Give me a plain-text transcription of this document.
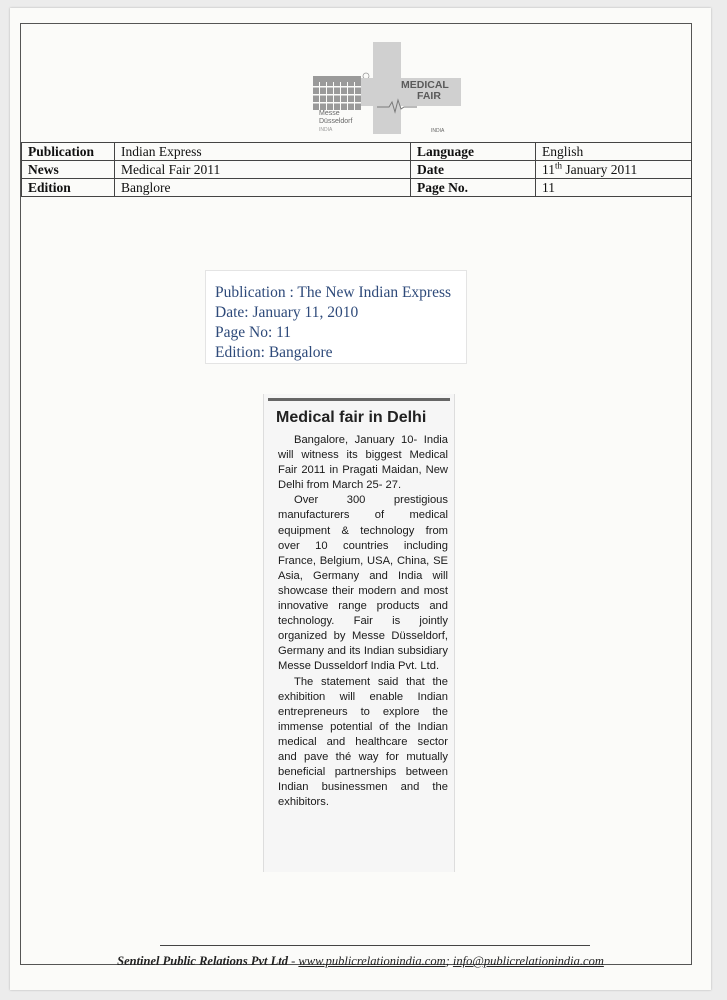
Messe
Düsseldorf
INDIA
MEDICAL
FAIR
INDIA
Publication	Indian Express	Language	English
News	Medical Fair 2011	Date	11th January 2011
Edition	Banglore	Page No.	11
Publication : The New Indian Express
Date: January 11, 2010
Page No: 11
Edition: Bangalore
Medical fair in Delhi

Bangalore, January 10- India will witness its biggest Medical Fair 2011 in Pragati Maidan, New Delhi from March 25- 27.

Over 300 prestigious manufacturers of medical equipment & technology from over 10 countries including France, Belgium, USA, China, SE Asia, Germany and India will showcase their modern and most innovative range products and technology. Fair is jointly organized by Messe Düsseldorf, Germany and its Indian subsidiary Messe Dusseldorf India Pvt. Ltd.

The statement said that the exhibition will enable Indian entrepreneurs to explore the immense potential of the Indian medical and healthcare sector and pave thé way for mutually beneficial partnerships between Indian businessmen and the exhibitors.

Sentinel Public Relations Pvt Ltd - www.publicrelationindia.com; info@publicrelationindia.com
